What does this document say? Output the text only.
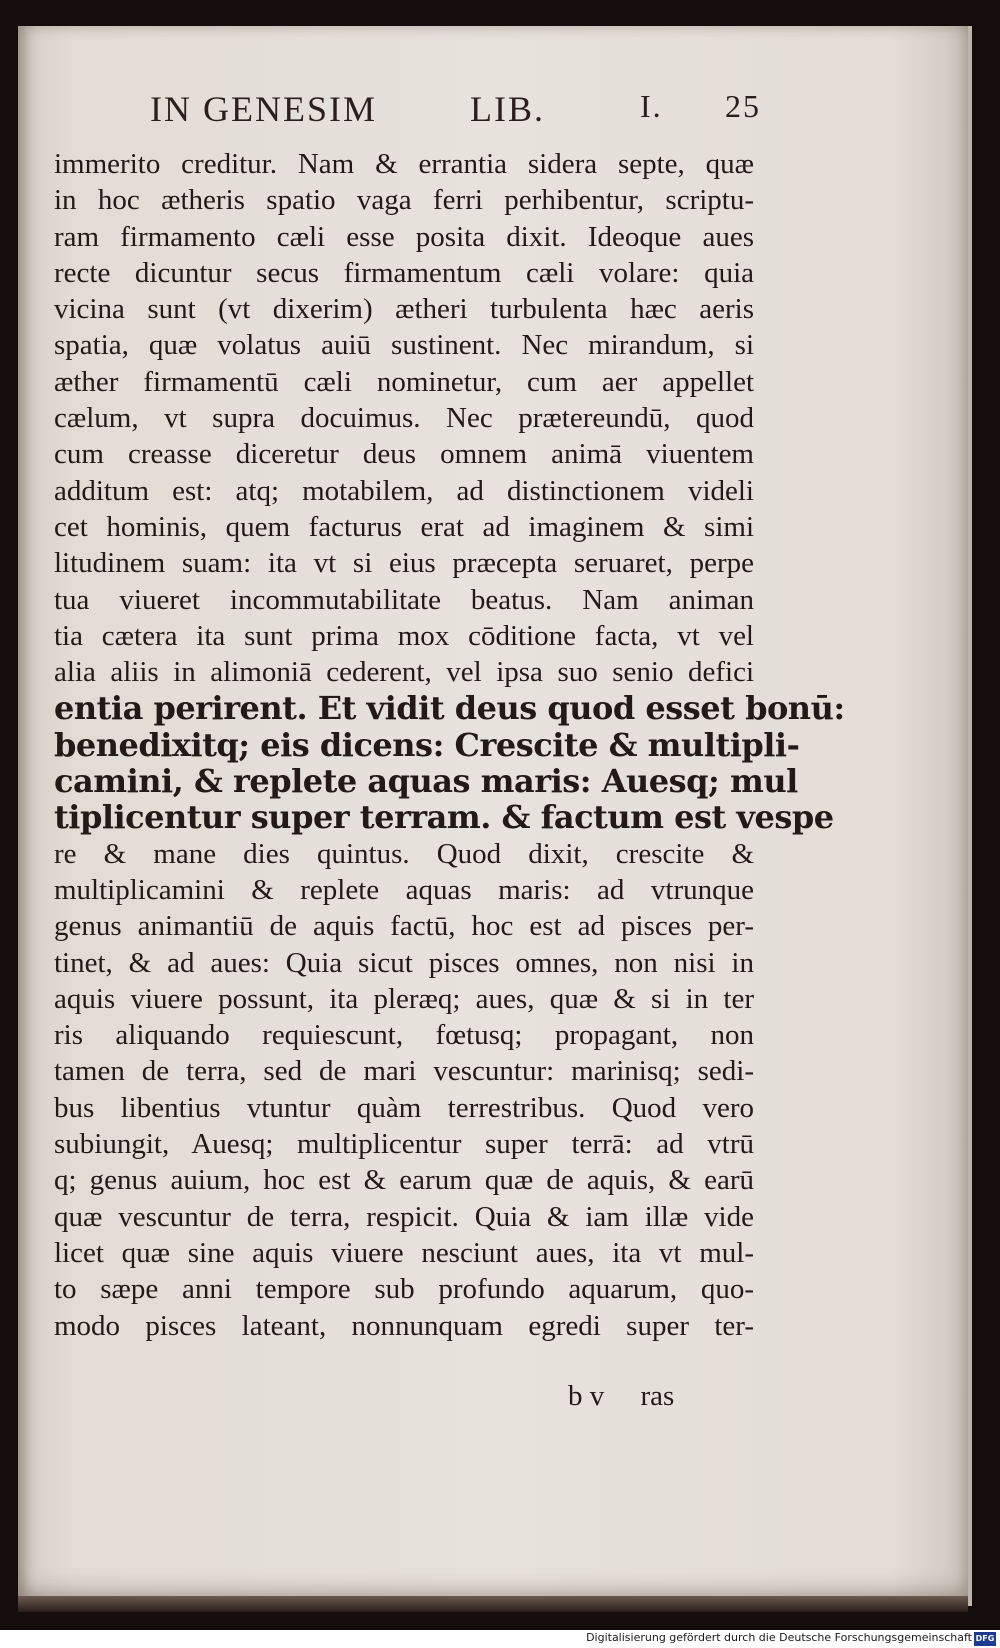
IN GENESIM	LIB.	I. 25
immerito creditur. Nam & errantia sidera septe, quæ
in hoc ætheris spatio vaga ferri perhibentur, scriptu-
ram firmamento cæli esse posita dixit. Ideoque aues
recte dicuntur secus firmamentum cæli volare: quia
vicina sunt (vt dixerim) ætheri turbulenta hæc aeris
spatia, quæ volatus auiū sustinent. Nec mirandum, si
æther firmamentū cæli nominetur, cum aer appellet
cælum, vt supra docuimus. Nec prætereundū, quod
cum creasse diceretur deus omnem animā viuentem
additum est: atq; motabilem, ad distinctionem videli
cet hominis, quem facturus erat ad imaginem & simi
litudinem suam: ita vt si eius præcepta seruaret, perpe
tua viueret incommutabilitate beatus. Nam animan
tia cætera ita sunt prima mox cōditione facta, vt vel
alia aliis in alimoniā cederent, vel ipsa suo senio defici
entia perirent. Et vidit deus quod esset bonū:
benedixitq; eis dicens: Crescite & multipli-
camini, & replete aquas maris: Auesq; mul
tiplicentur super terram. & factum est vespe
re & mane dies quintus. Quod dixit, crescite &
multiplicamini & replete aquas maris: ad vtrunque
genus animantiū de aquis factū, hoc est ad pisces per-
tinet, & ad aues: Quia sicut pisces omnes, non nisi in
aquis viuere possunt, ita pleræq; aues, quæ & si in ter
ris aliquando requiescunt, fœtusq; propagant, non
tamen de terra, sed de mari vescuntur: marinisq; sedi-
bus libentius vtuntur quàm terrestribus. Quod vero
subiungit, Auesq; multiplicentur super terrā: ad vtrū
q; genus auium, hoc est & earum quæ de aquis, & earū
quæ vescuntur de terra, respicit. Quia & iam illæ vide
licet quæ sine aquis viuere nesciunt aues, ita vt mul-
to sæpe anni tempore sub profundo aquarum, quo-
modo pisces lateant, nonnunquam egredi super ter-
b v     ras
Digitalisierung gefördert durch die Deutsche Forschungsgemeinschaft DFG
